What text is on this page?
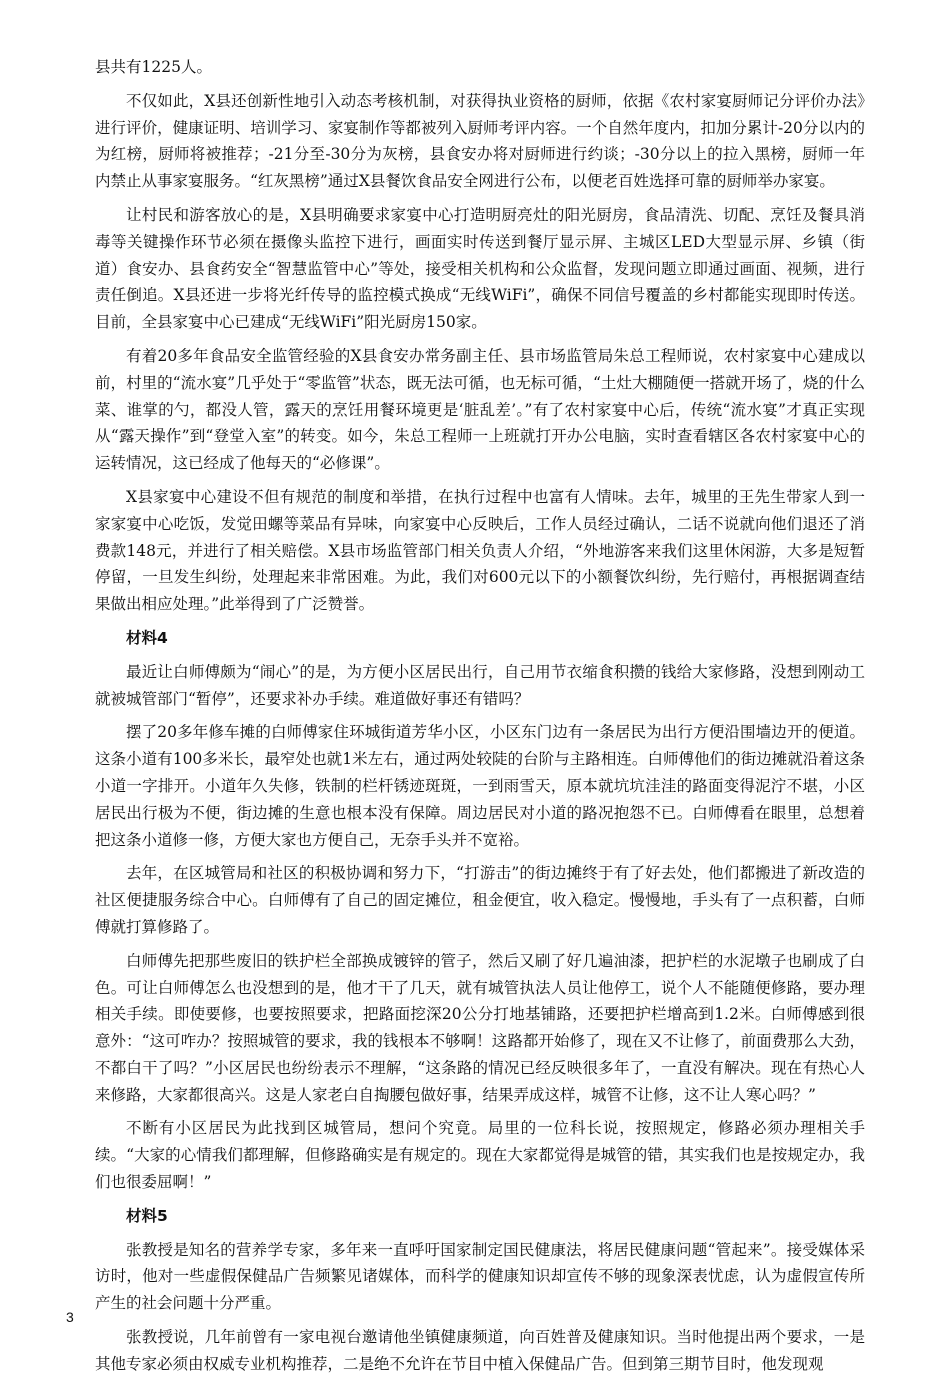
县共有1225人。

不仅如此，X县还创新性地引入动态考核机制，对获得执业资格的厨师，依据《农村家宴厨师记分评价办法》进行评价，健康证明、培训学习、家宴制作等都被列入厨师考评内容。一个自然年度内，扣加分累计-20分以内的为红榜，厨师将被推荐；-21分至-30分为灰榜，县食安办将对厨师进行约谈；-30分以上的拉入黑榜，厨师一年内禁止从事家宴服务。“红灰黑榜”通过X县餐饮食品安全网进行公布，以便老百姓选择可靠的厨师举办家宴。

让村民和游客放心的是，X县明确要求家宴中心打造明厨亮灶的阳光厨房，食品清洗、切配、烹饪及餐具消毒等关键操作环节必须在摄像头监控下进行，画面实时传送到餐厅显示屏、主城区LED大型显示屏、乡镇（街道）食安办、县食药安全“智慧监管中心”等处，接受相关机构和公众监督，发现问题立即通过画面、视频，进行责任倒追。X县还进一步将光纤传导的监控模式换成“无线WiFi”，确保不同信号覆盖的乡村都能实现即时传送。目前，全县家宴中心已建成“无线WiFi”阳光厨房150家。

有着20多年食品安全监管经验的X县食安办常务副主任、县市场监管局朱总工程师说，农村家宴中心建成以前，村里的“流水宴”几乎处于“零监管”状态，既无法可循，也无标可循，“土灶大棚随便一搭就开场了，烧的什么菜、谁掌的勺，都没人管，露天的烹饪用餐环境更是‘脏乱差’。”有了农村家宴中心后，传统“流水宴”才真正实现从“露天操作”到“登堂入室”的转变。如今，朱总工程师一上班就打开办公电脑，实时查看辖区各农村家宴中心的运转情况，这已经成了他每天的“必修课”。

X县家宴中心建设不但有规范的制度和举措，在执行过程中也富有人情味。去年，城里的王先生带家人到一家家宴中心吃饭，发觉田螺等菜品有异味，向家宴中心反映后，工作人员经过确认，二话不说就向他们退还了消费款148元，并进行了相关赔偿。X县市场监管部门相关负责人介绍，“外地游客来我们这里休闲游，大多是短暂停留，一旦发生纠纷，处理起来非常困难。为此，我们对600元以下的小额餐饮纠纷，先行赔付，再根据调查结果做出相应处理。”此举得到了广泛赞誉。

材料4

最近让白师傅颇为“闹心”的是，为方便小区居民出行，自己用节衣缩食积攒的钱给大家修路，没想到刚动工就被城管部门“暂停”，还要求补办手续。难道做好事还有错吗？

摆了20多年修车摊的白师傅家住环城街道芳华小区，小区东门边有一条居民为出行方便沿围墙边开的便道。这条小道有100多米长，最窄处也就1米左右，通过两处较陡的台阶与主路相连。白师傅他们的街边摊就沿着这条小道一字排开。小道年久失修，铁制的栏杆锈迹斑斑，一到雨雪天，原本就坑坑洼洼的路面变得泥泞不堪，小区居民出行极为不便，街边摊的生意也根本没有保障。周边居民对小道的路况抱怨不已。白师傅看在眼里，总想着把这条小道修一修，方便大家也方便自己，无奈手头并不宽裕。

去年，在区城管局和社区的积极协调和努力下，“打游击”的街边摊终于有了好去处，他们都搬进了新改造的社区便捷服务综合中心。白师傅有了自己的固定摊位，租金便宜，收入稳定。慢慢地，手头有了一点积蓄，白师傅就打算修路了。

白师傅先把那些废旧的铁护栏全部换成镀锌的管子，然后又刷了好几遍油漆，把护栏的水泥墩子也刷成了白色。可让白师傅怎么也没想到的是，他才干了几天，就有城管执法人员让他停工，说个人不能随便修路，要办理相关手续。即使要修，也要按照要求，把路面挖深20公分打地基铺路，还要把护栏增高到1.2米。白师傅感到很意外：“这可咋办？按照城管的要求，我的钱根本不够啊！这路都开始修了，现在又不让修了，前面费那么大劲，不都白干了吗？”小区居民也纷纷表示不理解，“这条路的情况已经反映很多年了，一直没有解决。现在有热心人来修路，大家都很高兴。这是人家老白自掏腰包做好事，结果弄成这样，城管不让修，这不让人寒心吗？”

不断有小区居民为此找到区城管局，想问个究竟。局里的一位科长说，按照规定，修路必须办理相关手续。“大家的心情我们都理解，但修路确实是有规定的。现在大家都觉得是城管的错，其实我们也是按规定办，我们也很委屈啊！”

材料5

张教授是知名的营养学专家，多年来一直呼吁国家制定国民健康法，将居民健康问题“管起来”。接受媒体采访时，他对一些虚假保健品广告频繁见诸媒体，而科学的健康知识却宣传不够的现象深表忧虑，认为虚假宣传所产生的社会问题十分严重。

张教授说，几年前曾有一家电视台邀请他坐镇健康频道，向百姓普及健康知识。当时他提出两个要求，一是其他专家必须由权威专业机构推荐，二是绝不允许在节目中植入保健品广告。但到第三期节目时，他发现观

3
